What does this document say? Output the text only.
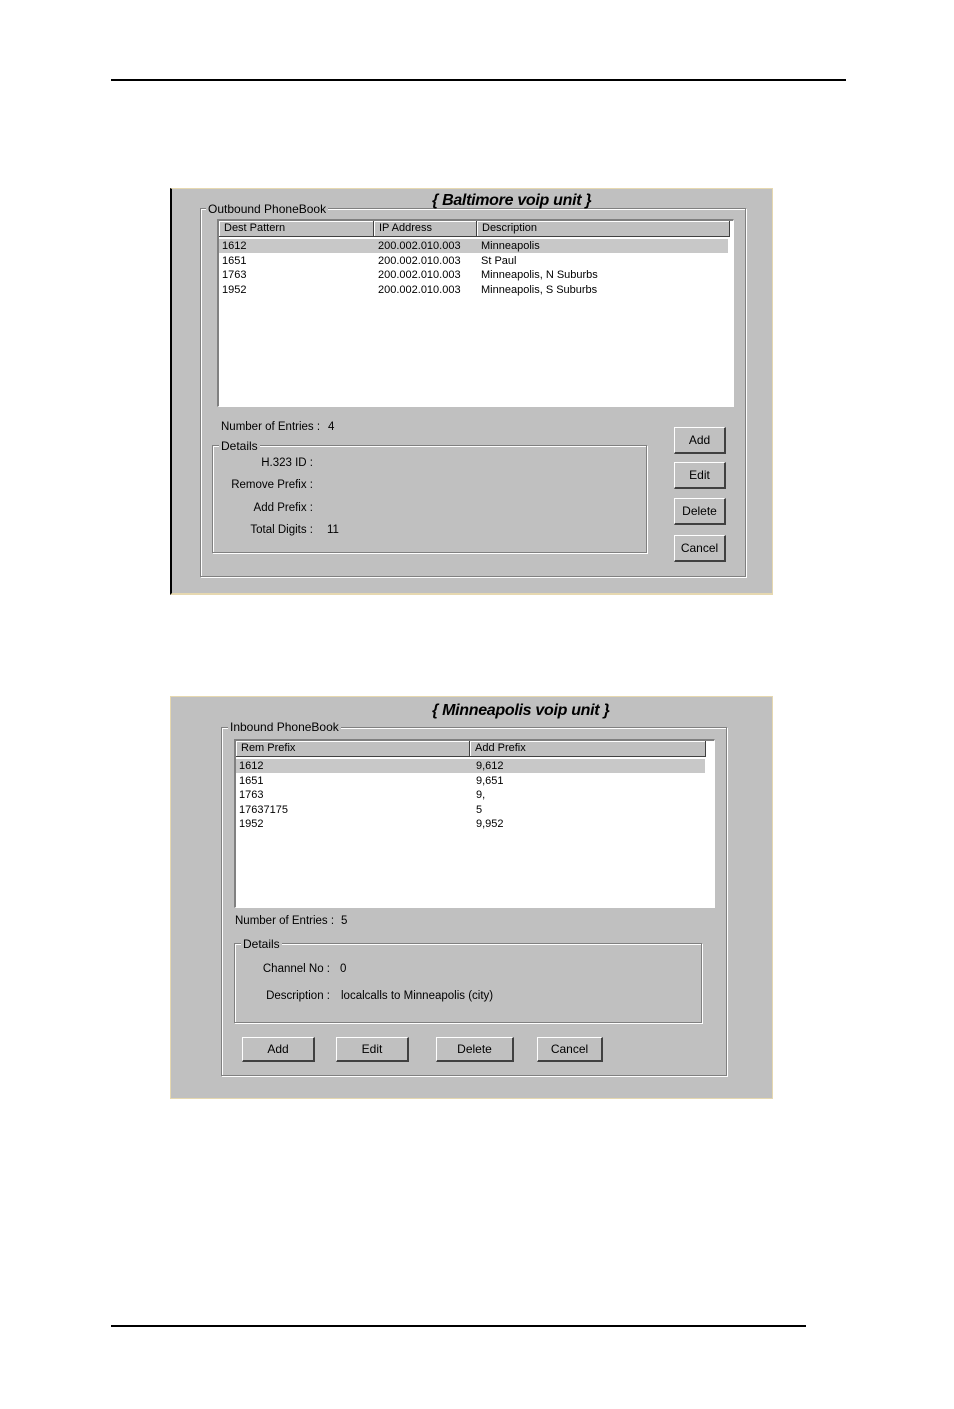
Outbound PhoneBook	{ Baltimore voip unit }
Dest Pattern	IP Address	Description
1612	200.002.010.003 Minneapolis
1651	200.002.010.003 St Paul
1763	200.002.010.003 Minneapolis, N Suburbs
1952	200.002.010.003 Minneapolis, S Suburbs
Number of Entries : 4
Details
H.323 ID :
Remove Prefix :
Add Prefix :
Total Digits : 11
Add
Edit
Delete
Cancel
Inbound PhoneBook
{ Minneapolis voip unit }
Rem Prefix	Add Prefix
1612	9,612
1651	9,651
1763	9,
17637175	5
1952	9,952
Number of Entries : 5
Details
Channel No : 0
Description : localcalls to Minneapolis (city)
Add	Edit	Delete	Cancel
